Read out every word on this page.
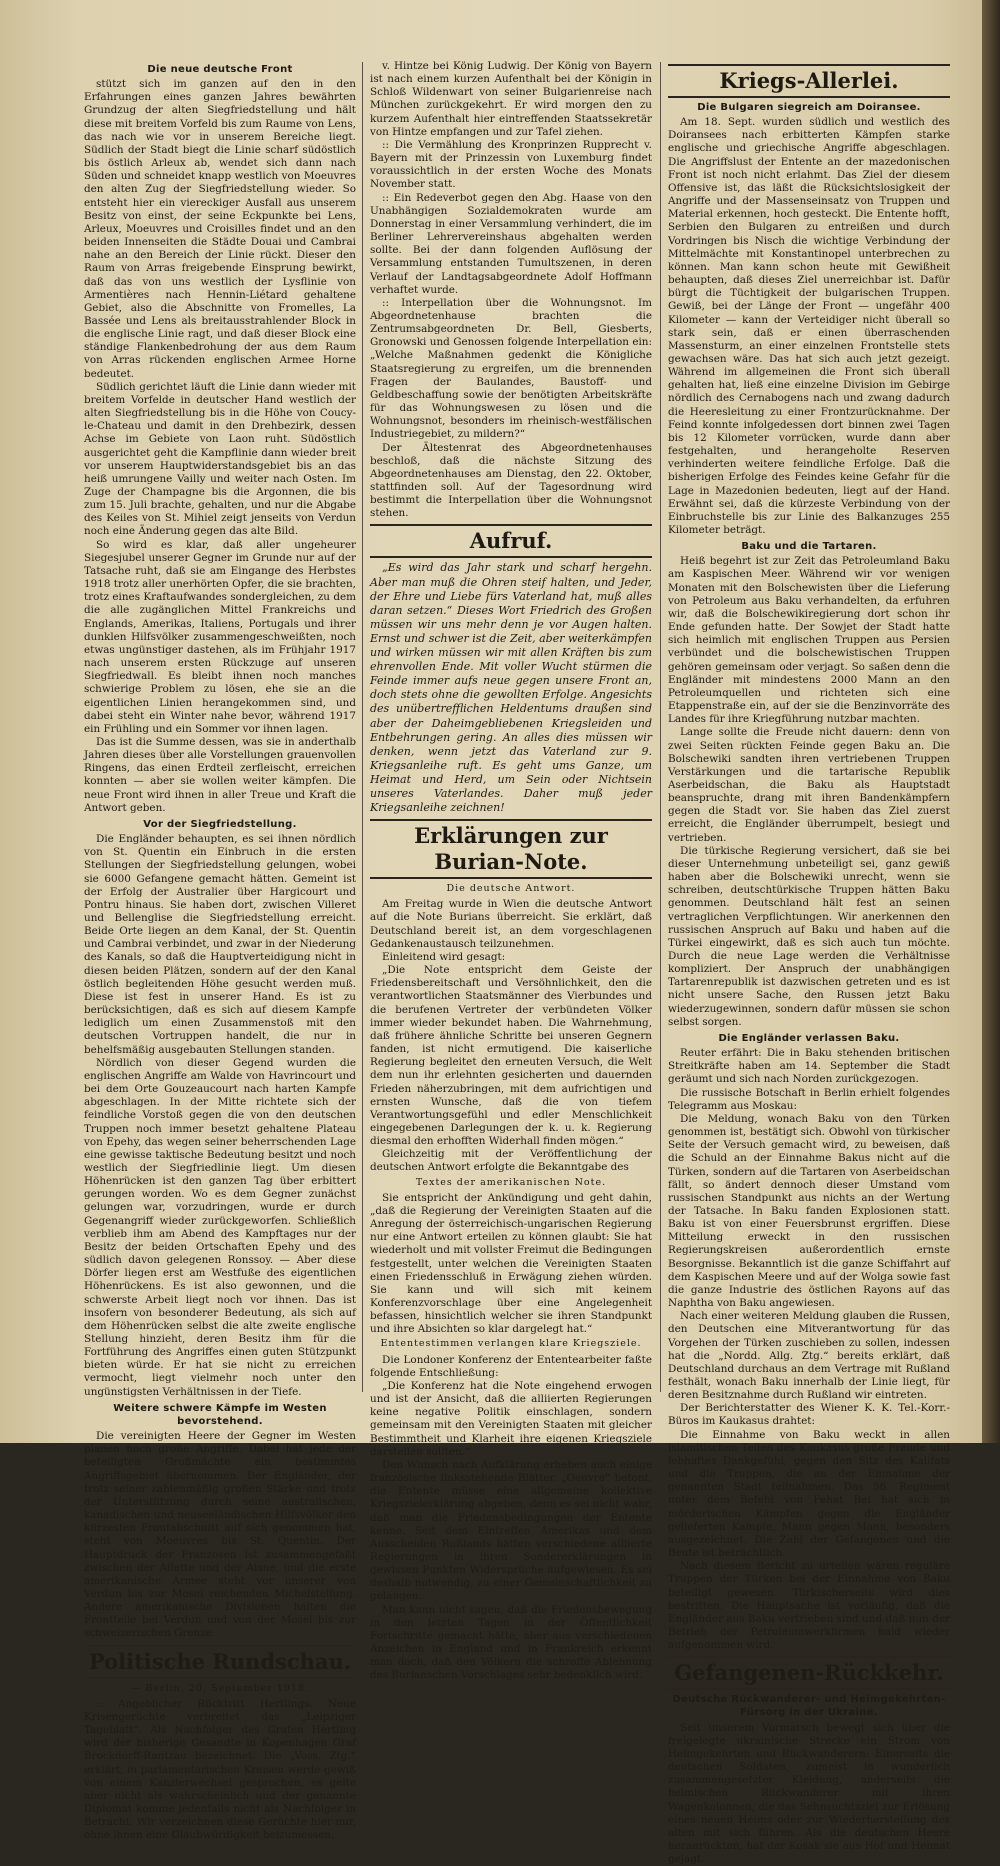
Die neue deutsche Front

stützt sich im ganzen auf den in den Erfahrungen eines ganzen Jahres bewährten Grundzug der alten Siegfriedstellung und hält diese mit breitem Vorfeld bis zum Raume von Lens, das nach wie vor in unserem Bereiche liegt. Südlich der Stadt biegt die Linie scharf südöstlich bis östlich Arleux ab, wendet sich dann nach Süden und schneidet knapp westlich von Moeuvres den alten Zug der Siegfriedstellung wieder. So entsteht hier ein viereckiger Ausfall aus unserem Besitz von einst, der seine Eckpunkte bei Lens, Arleux, Moeuvres und Croisilles findet und an den beiden Innenseiten die Städte Douai und Cambrai nahe an den Bereich der Linie rückt. Dieser den Raum von Arras freigebende Einsprung bewirkt, daß das von uns westlich der Lysflinie von Armentières nach Hennin-Liétard gehaltene Gebiet, also die Abschnitte von Fromelles, La Bassée und Lens als breitausstrahlender Block in die englische Linie ragt, und daß dieser Block eine ständige Flankenbedrohung der aus dem Raum von Arras rückenden englischen Armee Horne bedeutet.

Südlich gerichtet läuft die Linie dann wieder mit breitem Vorfelde in deutscher Hand westlich der alten Siegfriedstellung bis in die Höhe von Coucy-le-Chateau und damit in den Drehbezirk, dessen Achse im Gebiete von Laon ruht. Südöstlich ausgerichtet geht die Kampflinie dann wieder breit vor unserem Hauptwiderstandsgebiet bis an das heiß umrungene Vailly und weiter nach Osten. Im Zuge der Champagne bis die Argonnen, die bis zum 15. Juli brachte, gehalten, und nur die Abgabe des Keiles von St. Mihiel zeigt jenseits von Verdun noch eine Änderung gegen das alte Bild.

So wird es klar, daß aller ungeheurer Siegesjubel unserer Gegner im Grunde nur auf der Tatsache ruht, daß sie am Eingange des Herbstes 1918 trotz aller unerhörten Opfer, die sie brachten, trotz eines Kraftaufwandes sondergleichen, zu dem die alle zugänglichen Mittel Frankreichs und Englands, Amerikas, Italiens, Portugals und ihrer dunklen Hilfsvölker zusammengeschweißten, noch etwas ungünstiger dastehen, als im Frühjahr 1917 nach unserem ersten Rückzuge auf unseren Siegfriedwall. Es bleibt ihnen noch manches schwierige Problem zu lösen, ehe sie an die eigentlichen Linien herangekommen sind, und dabei steht ein Winter nahe bevor, während 1917 ein Frühling und ein Sommer vor ihnen lagen.

Das ist die Summe dessen, was sie in anderthalb Jahren dieses über alle Vorstellungen grauenvollen Ringens, das einen Erdteil zerfleischt, erreichen konnten — aber sie wollen weiter kämpfen. Die neue Front wird ihnen in aller Treue und Kraft die Antwort geben.

Vor der Siegfriedstellung.

Die Engländer behaupten, es sei ihnen nördlich von St. Quentin ein Einbruch in die ersten Stellungen der Siegfriedstellung gelungen, wobei sie 6000 Gefangene gemacht hätten. Gemeint ist der Erfolg der Australier über Hargicourt und Pontru hinaus. Sie haben dort, zwischen Villeret und Bellenglise die Siegfriedstellung erreicht. Beide Orte liegen an dem Kanal, der St. Quentin und Cambrai verbindet, und zwar in der Niederung des Kanals, so daß die Hauptverteidigung nicht in diesen beiden Plätzen, sondern auf der den Kanal östlich begleitenden Höhe gesucht werden muß. Diese ist fest in unserer Hand. Es ist zu berücksichtigen, daß es sich auf diesem Kampfe lediglich um einen Zusammenstoß mit den deutschen Vortruppen handelt, die nur in behelfsmäßig ausgebauten Stellungen standen.

Nördlich von dieser Gegend wurden die englischen Angriffe am Walde von Havrincourt und bei dem Orte Gouzeaucourt nach harten Kampfe abgeschlagen. In der Mitte richtete sich der feindliche Vorstoß gegen die von den deutschen Truppen noch immer besetzt gehaltene Plateau von Epehy, das wegen seiner beherrschenden Lage eine gewisse taktische Bedeutung besitzt und noch westlich der Siegfriedlinie liegt. Um diesen Höhenrücken ist den ganzen Tag über erbittert gerungen worden. Wo es dem Gegner zunächst gelungen war, vorzudringen, wurde er durch Gegenangriff wieder zurückgeworfen. Schließlich verblieb ihm am Abend des Kampftages nur der Besitz der beiden Ortschaften Epehy und des südlich davon gelegenen Ronssoy. — Aber diese Dörfer liegen erst am Westfuße des eigentlichen Höhenrückens. Es ist also gewonnen, und die schwerste Arbeit liegt noch vor ihnen. Das ist insofern von besonderer Bedeutung, als sich auf dem Höhenrücken selbst die alte zweite englische Stellung hinzieht, deren Besitz ihm für die Fortführung des Angriffes einen guten Stützpunkt bieten würde. Er hat sie nicht zu erreichen vermocht, liegt vielmehr noch unter den ungünstigsten Verhältnissen in der Tiefe.

Weitere schwere Kämpfe im Westen bevorstehend.

Die vereinigten Heere der Gegner im Westen planen noch große Angriffe. Dabei hat jede der beteiligten Großmächte ein bestimmtes Angriffsgebiet übernommen. Der Engländer, der trotz seiner zahlenmäßig großen Stärke und trotz der Unterstützung durch seine australischen, kanadischen und neuseeländischen Hilfsvölker den kürzesten Frontabschnitt auf sich genommen hat, steht von Moeuvres bis St. Quentin. Der Hauptdruck der Franzosen ist zusammengefaßt zwischen der Ailette und der Aisne, und die erste amerikanische Armee steht vor unserer von Verdun bis zur Mosel reichenden Michelstellung. Andere amerikanische Divisionen halten die Frontteile bei Verdun und von der Mosel bis zur schweizerischen Grenze.

Politische Rundschau.
— Berlin, 20. September 1918.

:: Angeblicher Rücktritt Hertlings. Neue Krisengerüchte verbreitet das „Leipziger Tageblatt“. Als Nachfolger des Grafen Hertling wird der bisherige Gesandte in Kopenhagen Graf Brockdorff-Rantzau bezeichnet. Die „Voss. Ztg.“ erklärt, in parlamentarischen Kreisen werde gewiß von einem Kanzlerwechsel gesprochen, es gelte aber nicht als wahrscheinlich und der genannte Diplomat komme jedenfalls nicht als Nachfolger in Betracht. Wir verzeichnen diese Gerüchte hier nur, ohne ihnen eine Glaubwürdigkeit beizumessen.

v. Hintze bei König Ludwig. Der König von Bayern ist nach einem kurzen Aufenthalt bei der Königin in Schloß Wildenwart von seiner Bulgarienreise nach München zurückgekehrt. Er wird morgen den zu kurzem Aufenthalt hier eintreffenden Staatssekretär von Hintze empfangen und zur Tafel ziehen.

:: Die Vermählung des Kronprinzen Rupprecht v. Bayern mit der Prinzessin von Luxemburg findet voraussichtlich in der ersten Woche des Monats November statt.

:: Ein Redeverbot gegen den Abg. Haase von den Unabhängigen Sozialdemokraten wurde am Donnerstag in einer Versammlung verhindert, die im Berliner Lehrervereinshaus abgehalten werden sollte. Bei der dann folgenden Auflösung der Versammlung entstanden Tumultszenen, in deren Verlauf der Landtagsabgeordnete Adolf Hoffmann verhaftet wurde.

:: Interpellation über die Wohnungsnot. Im Abgeordnetenhause brachten die Zentrumsabgeordneten Dr. Bell, Giesberts, Gronowski und Genossen folgende Interpellation ein: „Welche Maßnahmen gedenkt die Königliche Staatsregierung zu ergreifen, um die brennenden Fragen der Baulandes, Baustoff- und Geldbeschaffung sowie der benötigten Arbeitskräfte für das Wohnungswesen zu lösen und die Wohnungsnot, besonders im rheinisch-westfälischen Industriegebiet, zu mildern?“

Der Ältestenrat des Abgeordnetenhauses beschloß, daß die nächste Sitzung des Abgeordnetenhauses am Dienstag, den 22. Oktober, stattfinden soll. Auf der Tagesordnung wird bestimmt die Interpellation über die Wohnungsnot stehen.

Aufruf.

„Es wird das Jahr stark und scharf hergehn. Aber man muß die Ohren steif halten, und Jeder, der Ehre und Liebe fürs Vaterland hat, muß alles daran setzen.“ Dieses Wort Friedrich des Großen müssen wir uns mehr denn je vor Augen halten. Ernst und schwer ist die Zeit, aber weiterkämpfen und wirken müssen wir mit allen Kräften bis zum ehrenvollen Ende. Mit voller Wucht stürmen die Feinde immer aufs neue gegen unsere Front an, doch stets ohne die gewollten Erfolge. Angesichts des unübertrefflichen Heldentums draußen sind aber der Daheimgebliebenen Kriegsleiden und Entbehrungen gering. An alles dies müssen wir denken, wenn jetzt das Vaterland zur 9. Kriegsanleihe ruft. Es geht ums Ganze, um Heimat und Herd, um Sein oder Nichtsein unseres Vaterlandes. Daher muß jeder Kriegsanleihe zeichnen!

Erklärungen zur Burian-Note.
Die deutsche Antwort.

Am Freitag wurde in Wien die deutsche Antwort auf die Note Burians überreicht. Sie erklärt, daß Deutschland bereit ist, an dem vorgeschlagenen Gedankenaustausch teilzunehmen.

Einleitend wird gesagt:

„Die Note entspricht dem Geiste der Friedensbereitschaft und Versöhnlichkeit, den die verantwortlichen Staatsmänner des Vierbundes und die berufenen Vertreter der verbündeten Völker immer wieder bekundet haben. Die Wahrnehmung, daß frühere ähnliche Schritte bei unseren Gegnern fanden, ist nicht ermutigend. Die kaiserliche Regierung begleitet den erneuten Versuch, die Welt dem nun ihr erlehnten gesicherten und dauernden Frieden näherzubringen, mit dem aufrichtigen und ernsten Wunsche, daß die von tiefem Verantwortungsgefühl und edler Menschlichkeit eingegebenen Darlegungen der k. u. k. Regierung diesmal den erhofften Widerhall finden mögen.“

Gleichzeitig mit der Veröffentlichung der deutschen Antwort erfolgte die Bekanntgabe des

Textes der amerikanischen Note.

Sie entspricht der Ankündigung und geht dahin, „daß die Regierung der Vereinigten Staaten auf die Anregung der österreichisch-ungarischen Regierung nur eine Antwort erteilen zu können glaubt: Sie hat wiederholt und mit vollster Freimut die Bedingungen festgestellt, unter welchen die Vereinigten Staaten einen Friedensschluß in Erwägung ziehen würden. Sie kann und will sich mit keinem Konferenzvorschlage über eine Angelegenheit befassen, hinsichtlich welcher sie ihren Standpunkt und ihre Absichten so klar dargelegt hat.“

Ententestimmen verlangen klare Kriegsziele.

Die Londoner Konferenz der Ententearbeiter faßte folgende Entschließung:

„Die Konferenz hat die Note eingehend erwogen und ist der Ansicht, daß die alliierten Regierungen keine negative Politik einschlagen, sondern gemeinsam mit den Vereinigten Staaten mit gleicher Bestimmtheit und Klarheit ihre eigenen Kriegsziele darstellen sollten.“

Den Wunsch nach Aufklärung erheben auch einige französische linksstehende Blätter. „Oeuvre“ betont, die Entente müsse eine allgemeine kollektive Kriegszielerklärung abgeben, denn es sei nicht wahr, daß man die Friedensbedingungen der Entente kenne. Seit dem Eintreffen Amerikas und dem Ausscheiden Rußlands hätten verschiedene alliierte Regierungen in ihren Sondererklärungen in gewissen Punkten Widersprüche aufgewiesen. Es sei deshalb notwendig, zu einer Gemeinschaftlichkeit zu gelangen.

Man kann nicht sagen, daß die Friedensbewegung in den letzten Tagen in der Öffentlichkeit Fortschritte gemacht hätte, aber aus verschiedenen Anzeichen in England und in Frankreich erkennt man doch, daß den Völkern die schroffe Ablehnung des Burianschen Vorschlages sehr bedenklich wird.

Kriegs-Allerlei.
Die Bulgaren siegreich am Doiransee.

Am 18. Sept. wurden südlich und westlich des Doiransees nach erbitterten Kämpfen starke englische und griechische Angriffe abgeschlagen. Die Angriffslust der Entente an der mazedonischen Front ist noch nicht erlahmt. Das Ziel der diesem Offensive ist, das läßt die Rücksichtslosigkeit der Angriffe und der Massenseinsatz von Truppen und Material erkennen, hoch gesteckt. Die Entente hofft, Serbien den Bulgaren zu entreißen und durch Vordringen bis Nisch die wichtige Verbindung der Mittelmächte mit Konstantinopel unterbrechen zu können. Man kann schon heute mit Gewißheit behaupten, daß dieses Ziel unerreichbar ist. Dafür bürgt die Tüchtigkeit der bulgarischen Truppen. Gewiß, bei der Länge der Front — ungefähr 400 Kilometer — kann der Verteidiger nicht überall so stark sein, daß er einen überraschenden Massensturm, an einer einzelnen Frontstelle stets gewachsen wäre. Das hat sich auch jetzt gezeigt. Während im allgemeinen die Front sich überall gehalten hat, ließ eine einzelne Division im Gebirge nördlich des Cernabogens nach und zwang dadurch die Heeresleitung zu einer Frontzurücknahme. Der Feind konnte infolgedessen dort binnen zwei Tagen bis 12 Kilometer vorrücken, wurde dann aber festgehalten, und herangeholte Reserven verhinderten weitere feindliche Erfolge. Daß die bisherigen Erfolge des Feindes keine Gefahr für die Lage in Mazedonien bedeuten, liegt auf der Hand. Erwähnt sei, daß die kürzeste Verbindung von der Einbruchstelle bis zur Linie des Balkanzuges 255 Kilometer beträgt.

Baku und die Tartaren.

Heiß begehrt ist zur Zeit das Petroleumland Baku am Kaspischen Meer. Während wir vor wenigen Monaten mit den Bolschewisten über die Lieferung von Petroleum aus Baku verhandelten, da erfuhren wir, daß die Bolschewikiregierung dort schon ihr Ende gefunden hatte. Der Sowjet der Stadt hatte sich heimlich mit englischen Truppen aus Persien verbündet und die bolschewistischen Truppen gehören gemeinsam oder verjagt. So saßen denn die Engländer mit mindestens 2000 Mann an den Petroleumquellen und richteten sich eine Etappenstraße ein, auf der sie die Benzinvorräte des Landes für ihre Kriegführung nutzbar machten.

Lange sollte die Freude nicht dauern: denn von zwei Seiten rückten Feinde gegen Baku an. Die Bolschewiki sandten ihren vertriebenen Truppen Verstärkungen und die tartarische Republik Aserbeidschan, die Baku als Hauptstadt beanspruchte, drang mit ihren Bandenkämpfern gegen die Stadt vor. Sie haben das Ziel zuerst erreicht, die Engländer überrumpelt, besiegt und vertrieben.

Die türkische Regierung versichert, daß sie bei dieser Unternehmung unbeteiligt sei, ganz gewiß haben aber die Bolschewiki unrecht, wenn sie schreiben, deutschtürkische Truppen hätten Baku genommen. Deutschland hält fest an seinen vertraglichen Verpflichtungen. Wir anerkennen den russischen Anspruch auf Baku und haben auf die Türkei eingewirkt, daß es sich auch tun möchte. Durch die neue Lage werden die Verhältnisse kompliziert. Der Anspruch der unabhängigen Tartarenrepublik ist dazwischen getreten und es ist nicht unsere Sache, den Russen jetzt Baku wiederzugewinnen, sondern dafür müssen sie schon selbst sorgen.

Die Engländer verlassen Baku.

Reuter erfährt: Die in Baku stehenden britischen Streitkräfte haben am 14. September die Stadt geräumt und sich nach Norden zurückgezogen.

Die russische Botschaft in Berlin erhielt folgendes Telegramm aus Moskau:

Die Meldung, wonach Baku von den Türken genommen ist, bestätigt sich. Obwohl von türkischer Seite der Versuch gemacht wird, zu beweisen, daß die Schuld an der Einnahme Bakus nicht auf die Türken, sondern auf die Tartaren von Aserbeidschan fällt, so ändert dennoch dieser Umstand vom russischen Standpunkt aus nichts an der Wertung der Tatsache. In Baku fanden Explosionen statt. Baku ist von einer Feuersbrunst ergriffen. Diese Mitteilung erweckt in den russischen Regierungskreisen außerordentlich ernste Besorgnisse. Bekanntlich ist die ganze Schiffahrt auf dem Kaspischen Meere und auf der Wolga sowie fast die ganze Industrie des östlichen Rayons auf das Naphtha von Baku angewiesen.

Nach einer weiteren Meldung glauben die Russen, den Deutschen eine Mitverantwortung für das Vorgehen der Türken zuschieben zu sollen, indessen hat die „Nordd. Allg. Ztg.“ bereits erklärt, daß Deutschland durchaus an dem Vertrage mit Rußland festhält, wonach Baku innerhalb der Linie liegt, für deren Besitznahme durch Rußland wir eintreten.

Der Berichterstatter des Wiener K. K. Tel.-Korr.-Büros im Kaukasus drahtet:

Die Einnahme von Baku weckt in allen islamitischen Teilen des Kaukasus große Freude und lebhaftes Dankgefühl, gegen den Sitz des Kalifats und die Truppen, die an der Einnahme der genannten Stadt teilnahmen. Das 56. Regiment unter dem Befehl von Fehat Bei hat sich in mörderischen Kämpfen gegen die Engländer gelieferten Kampfe, Mann gegen Mann, besonders ausgezeichnet. Die Zahl der Gefangenen und die Beute ist beträchtlich.

Nach diesem Bericht zu urteilen wären reguläre Truppen der Türken bei der Einnahme von Baku beteiligt gewesen. Türkischerseits wird dies bestritten. Die Hauptsache ist vorläufig, daß die Engländer aus Baku vertrieben sind und daß nun der Betrieb der Petroleumwerkfirmen bald wieder aufgenommen wird.

Gefangenen-Rückkehr.
Deutsche Rückwanderer- und Heimgekehrten-Fürsorg in der Ukraine.

Seit unserem Vormarsch bewegt sich über die freigelegte ukrainische Strecke ein Strom von Heimgekehrten und Rückwanderern: Einerseits die deutschen Soldaten, zumeist in wunderlich zusammengesetzter Kleidung, anderseits die heimischen Rückwanderer mit ihren Wagenkolonnen, die das Sehnsuchtsziel zur Erlösung eines neuen Heims oder zur Wiederherstellung des alten mit sich führen. Als die deutschen Heere heranrückten, hat der Kosak sie aus Hof und Heimat gejagt.
